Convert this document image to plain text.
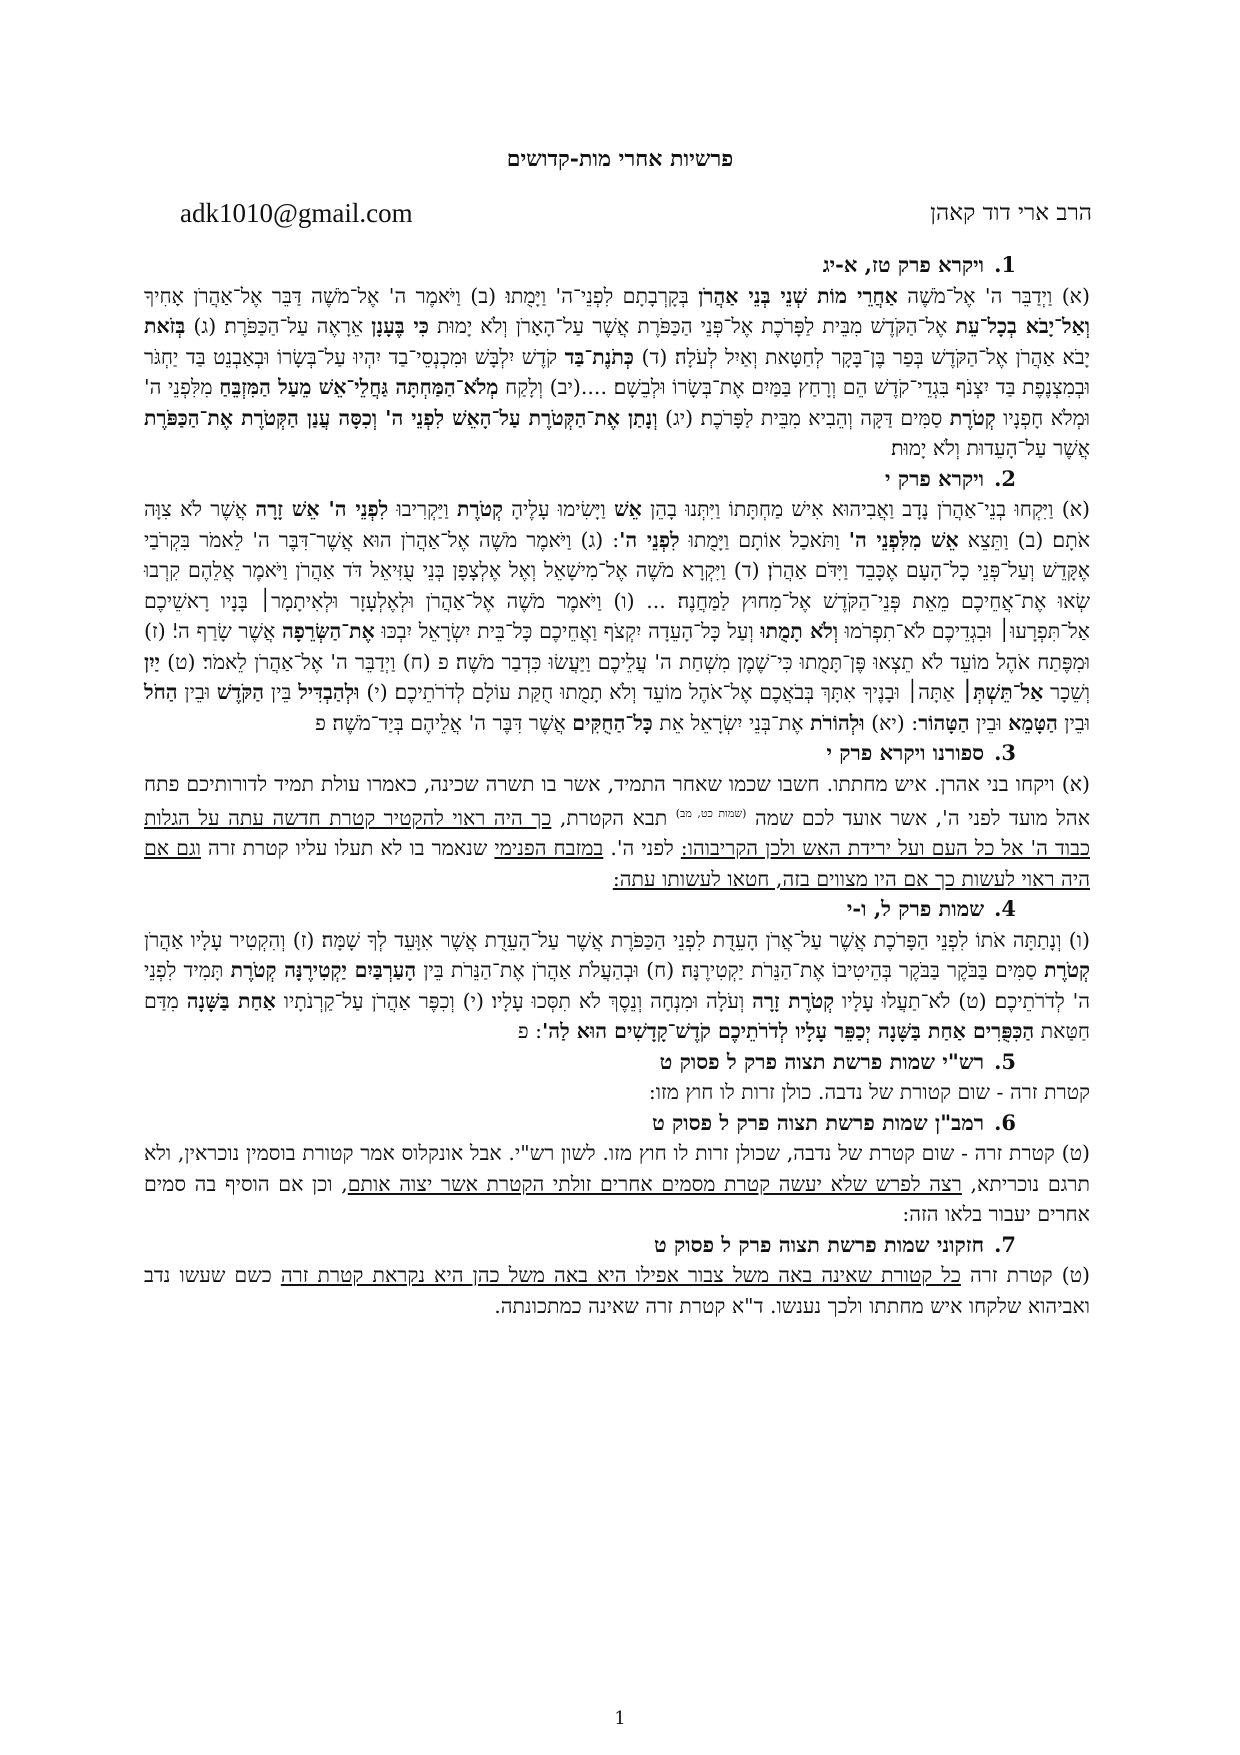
פרשיות אחרי מות-קדושים
הרב ארי דוד קאהן
adk1010@gmail.com
1.ויקרא פרק טז, א-יג

(א) וַיְדַבֵּר ה' אֶל־מֹשֶׁה אַחֲרֵי מוֹת שְׁנֵי בְּנֵי אַהֲרֹן בְּקָרְבָתָם לִפְנֵי־ה' וַיָּמֻתוּ׃ (ב) וַיֹּאמֶר ה' אֶל־מֹשֶׁה דַּבֵּר אֶל־אַהֲרֹן אָחִיךָ וְאַל־יָבֹא בְכָל־עֵת אֶל־הַקֹּדֶשׁ מִבֵּית לַפָּרֹכֶת אֶל־פְּנֵי הַכַּפֹּרֶת אֲשֶׁר עַל־הָאָרֹן וְלֹא יָמוּת כִּי בֶּעָנָן אֵרָאֶה עַל־הַכַּפֹּרֶת׃ (ג) בְּזֹאת יָבֹא אַהֲרֹן אֶל־הַקֹּדֶשׁ בְּפַר בֶּן־בָּקָר לְחַטָּאת וְאַיִל לְעֹלָה׃ (ד) כְּתֹנֶת־בַּד קֹדֶשׁ יִלְבָּשׁ וּמִכְנְסֵי־בַד יִהְיוּ עַל־בְּשָׂרוֹ וּבְאַבְנֵט בַּד יַחְגֹּר וּבְמִצְנֶפֶת בַּד יִצְנֹף בִּגְדֵי־קֹדֶשׁ הֵם וְרָחַץ בַּמַּיִם אֶת־בְּשָׂרוֹ וּלְבֵשָׁם׃ ....(יב) וְלָקַח מְלֹא־הַמַּחְתָּה גַּחֲלֵי־אֵשׁ מֵעַל הַמִּזְבֵּחַ מִלִּפְנֵי ה' וּמְלֹא חָפְנָיו קְטֹרֶת סַמִּים דַּקָּה וְהֵבִיא מִבֵּית לַפָּרֹכֶת׃ (יג) וְנָתַן אֶת־הַקְּטֹרֶת עַל־הָאֵשׁ לִפְנֵי ה' וְכִסָּה עֲנַן הַקְּטֹרֶת אֶת־הַכַּפֹּרֶת אֲשֶׁר עַל־הָעֵדוּת וְלֹא יָמוּת׃

2.ויקרא פרק י

(א) וַיִּקְחוּ בְנֵי־אַהֲרֹן נָדָב וַאֲבִיהוּא אִישׁ מַחְתָּתוֹ וַיִּתְּנוּ בָהֵן אֵשׁ וַיָּשִׂימוּ עָלֶיהָ קְטֹרֶת וַיַּקְרִיבוּ לִפְנֵי ה' אֵשׁ זָרָה אֲשֶׁר לֹא צִוָּה אֹתָם׃ (ב) וַתֵּצֵא אֵשׁ מִלִּפְנֵי ה' וַתֹּאכַל אוֹתָם וַיָּמֻתוּ לִפְנֵי ה': (ג) וַיֹּאמֶר מֹשֶׁה אֶל־אַהֲרֹן הוּא אֲשֶׁר־דִּבֶּר ה' לֵאמֹר בִּקְרֹבַי אֶקָּדֵשׁ וְעַל־פְּנֵי כָל־הָעָם אֶכָּבֵד וַיִּדֹּם אַהֲרֹן׃ (ד) וַיִּקְרָא מֹשֶׁה אֶל־מִישָׁאֵל וְאֶל אֶלְצָפָן בְּנֵי עֻזִּיאֵל דֹּד אַהֲרֹן וַיֹּאמֶר אֲלֵהֶם קִרְבוּ שְׂאוּ אֶת־אֲחֵיכֶם מֵאֵת פְּנֵי־הַקֹּדֶשׁ אֶל־מִחוּץ לַמַּחֲנֶה׃ ... (ו) וַיֹּאמֶר מֹשֶׁה אֶל־אַהֲרֹן וּלְאֶלְעָזָר וּלְאִיתָמָר׀ בָּנָיו רָאשֵׁיכֶם אַל־תִּפְרָעוּ׀ וּבִגְדֵיכֶם לֹא־תִפְרֹמוּ וְלֹא תָמֻתוּ וְעַל כָּל־הָעֵדָה יִקְצֹף וַאֲחֵיכֶם כָּל־בֵּית יִשְׂרָאֵל יִבְכּוּ אֶת־הַשְּׂרֵפָה אֲשֶׁר שָׂרַף ה'׃ (ז) וּמִפֶּתַח אֹהֶל מוֹעֵד לֹא תֵצְאוּ פֶּן־תָּמֻתוּ כִּי־שֶׁמֶן מִשְׁחַת ה' עֲלֵיכֶם וַיַּעֲשׂוּ כִּדְבַר מֹשֶׁה׃ פ (ח) וַיְדַבֵּר ה' אֶל־אַהֲרֹן לֵאמֹר׃ (ט) יַיִן וְשֵׁכָר אַל־תֵּשְׁתְּ׀ אַתָּה׀ וּבָנֶיךָ אִתָּךְ בְּבֹאֲכֶם אֶל־אֹהֶל מוֹעֵד וְלֹא תָמֻתוּ חֻקַּת עוֹלָם לְדֹרֹתֵיכֶם׃ (י) וּלְהַבְדִּיל בֵּין הַקֹּדֶשׁ וּבֵין הַחֹל וּבֵין הַטָּמֵא וּבֵין הַטָּהוֹר: (יא) וּלְהוֹרֹת אֶת־בְּנֵי יִשְׂרָאֵל אֵת כָּל־הַחֻקִּים אֲשֶׁר דִּבֶּר ה' אֲלֵיהֶם בְּיַד־מֹשֶׁה׃ פ

3.ספורנו ויקרא פרק י

(א) ויקחו בני אהרן. איש מחתתו. חשבו שכמו שאחר התמיד, אשר בו תשרה שכינה, כאמרו עולת תמיד לדורותיכם פתח אהל מועד לפני ה', אשר אועד לכם שמה $^{(שמות כט, מב)}$ תבא הקטרת, כך היה ראוי להקטיר קטרת חדשה עתה על הגלות כבוד ה' אל כל העם ועל ירידת האש ולכן הקריבוהו: לפני ה'. במזבח הפנימי שנאמר בו לא תעלו עליו קטרת זרה וגם אם היה ראוי לעשות כך אם היו מצווים בזה, חטאו לעשותו עתה:

4.שמות פרק ל, ו-י

(ו) וְנָתַתָּה אֹתוֹ לִפְנֵי הַפָּרֹכֶת אֲשֶׁר עַל־אֲרֹן הָעֵדֻת לִפְנֵי הַכַּפֹּרֶת אֲשֶׁר עַל־הָעֵדֻת אֲשֶׁר אִוָּעֵד לְךָ שָׁמָּה׃ (ז) וְהִקְטִיר עָלָיו אַהֲרֹן קְטֹרֶת סַמִּים בַּבֹּקֶר בַּבֹּקֶר בְּהֵיטִיבוֹ אֶת־הַנֵּרֹת יַקְטִירֶנָּה׃ (ח) וּבְהַעֲלֹת אַהֲרֹן אֶת־הַנֵּרֹת בֵּין הָעַרְבַּיִם יַקְטִירֶנָּה קְטֹרֶת תָּמִיד לִפְנֵי ה' לְדֹרֹתֵיכֶם׃ (ט) לֹא־תַעֲלוּ עָלָיו קְטֹרֶת זָרָה וְעֹלָה וּמִנְחָה וְנֵסֶךְ לֹא תִסְּכוּ עָלָיו׃ (י) וְכִפֶּר אַהֲרֹן עַל־קַרְנֹתָיו אַחַת בַּשָּׁנָה מִדַּם חַטַּאת הַכִּפֻּרִים אַחַת בַּשָּׁנָה יְכַפֵּר עָלָיו לְדֹרֹתֵיכֶם קֹדֶשׁ־קָדָשִׁים הוּא לַה': פ

5.רש"י שמות פרשת תצוה פרק ל פסוק ט

קטרת זרה - שום קטורת של נדבה. כולן זרות לו חוץ מזו:

6.רמב"ן שמות פרשת תצוה פרק ל פסוק ט

(ט) קטרת זרה - שום קטרת של נדבה, שכולן זרות לו חוץ מזו. לשון רש"י. אבל אונקלוס אמר קטורת בוסמין נוכראין, ולא תרגם נוכריתא, רצה לפרש שלא יעשה קטרת מסמים אחרים זולתי הקטרת אשר יצוה אותם, וכן אם הוסיף בה סמים אחרים יעבור בלאו הזה:

7.חזקוני שמות פרשת תצוה פרק ל פסוק ט

(ט) קטרת זרה כל קטורת שאינה באה משל צבור אפילו היא באה משל כהן היא נקראת קטרת זרה כשם שעשו נדב ואביהוא שלקחו איש מחתתו ולכך נענשו. ד"א קטרת זרה שאינה כמתכונתה.

1
